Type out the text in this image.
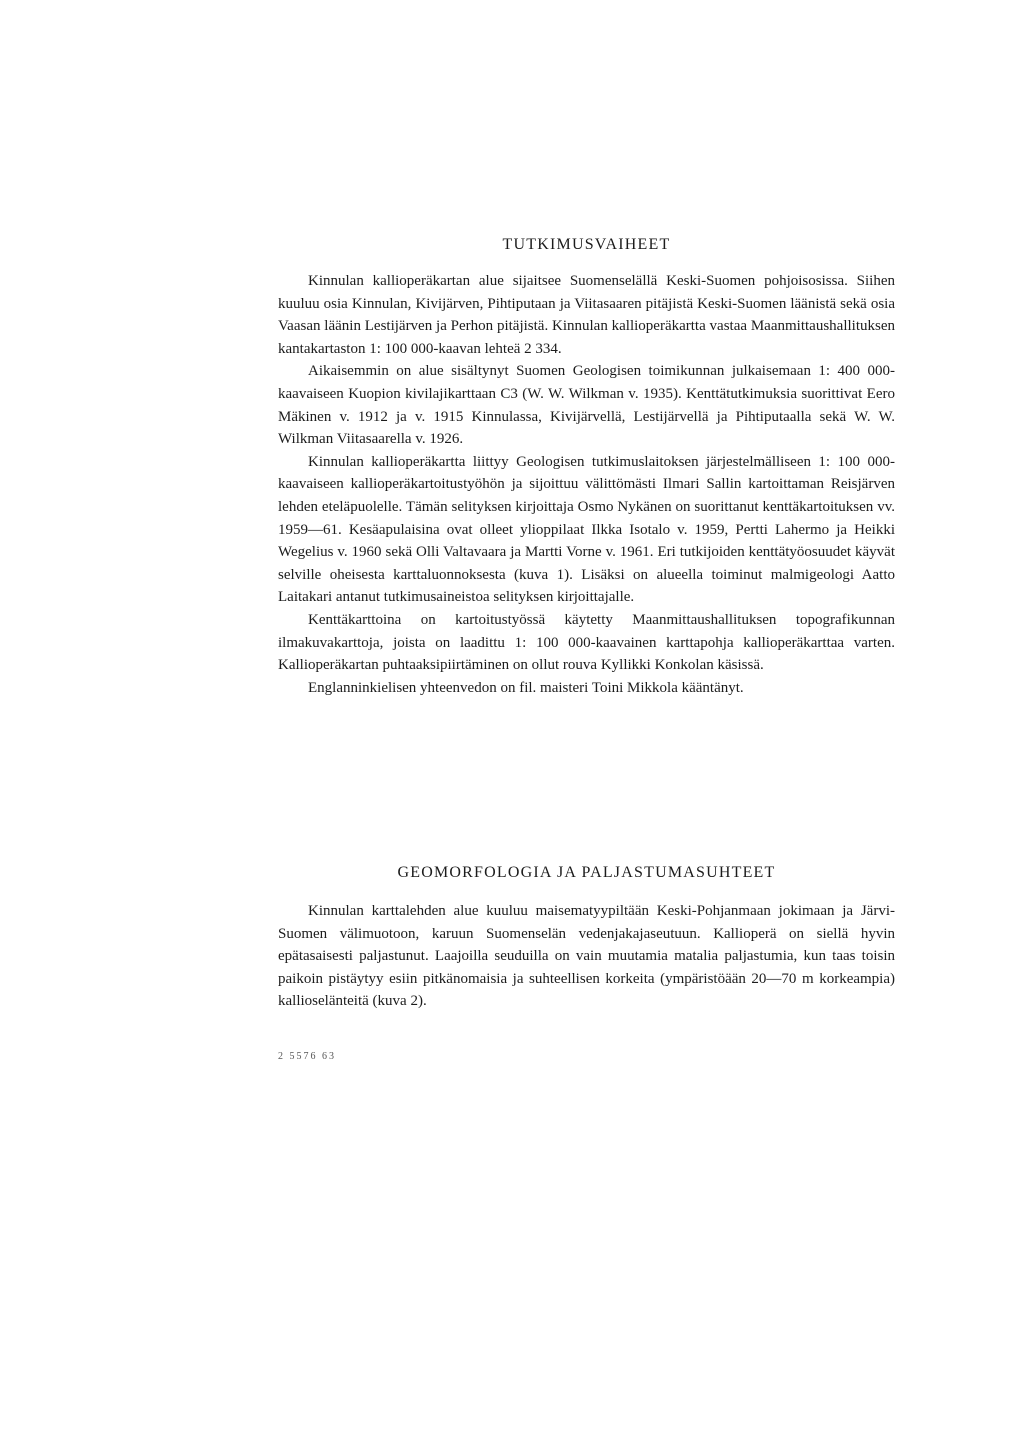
TUTKIMUSVAIHEET

Kinnulan kallioperäkartan alue sijaitsee Suomenselällä Keski-Suomen pohjoisosissa. Siihen kuuluu osia Kinnulan, Kivijärven, Pihtiputaan ja Viitasaaren pitäjistä Keski-Suomen läänistä sekä osia Vaasan läänin Lestijärven ja Perhon pitäjistä. Kinnulan kallioperäkartta vastaa Maanmittaushallituksen kantakartaston 1: 100 000-kaavan lehteä 2 334.

Aikaisemmin on alue sisältynyt Suomen Geologisen toimikunnan julkaisemaan 1: 400 000-kaavaiseen Kuopion kivilajikarttaan C3 (W. W. Wilkman v. 1935). Kenttätutkimuksia suorittivat Eero Mäkinen v. 1912 ja v. 1915 Kinnulassa, Kivijärvellä, Lestijärvellä ja Pihtiputaalla sekä W. W. Wilkman Viitasaarella v. 1926.

Kinnulan kallioperäkartta liittyy Geologisen tutkimuslaitoksen järjestelmälliseen 1: 100 000-kaavaiseen kallioperäkartoitustyöhön ja sijoittuu välittömästi Ilmari Sallin kartoittaman Reisjärven lehden eteläpuolelle. Tämän selityksen kirjoittaja Osmo Nykänen on suorittanut kenttäkartoituksen vv. 1959—61. Kesäapulaisina ovat olleet ylioppilaat Ilkka Isotalo v. 1959, Pertti Lahermo ja Heikki Wegelius v. 1960 sekä Olli Valtavaara ja Martti Vorne v. 1961. Eri tutkijoiden kenttätyöosuudet käyvät selville oheisesta karttaluonnoksesta (kuva 1). Lisäksi on alueella toiminut malmigeologi Aatto Laitakari antanut tutkimusaineistoa selityksen kirjoittajalle.

Kenttäkarttoina on kartoitustyössä käytetty Maanmittaushallituksen topografikunnan ilmakuvakarttoja, joista on laadittu 1: 100 000-kaavainen karttapohja kallioperäkarttaa varten. Kallioperäkartan puhtaaksipiirtäminen on ollut rouva Kyllikki Konkolan käsissä.

Englanninkielisen yhteenvedon on fil. maisteri Toini Mikkola kääntänyt.

GEOMORFOLOGIA JA PALJASTUMASUHTEET

Kinnulan karttalehden alue kuuluu maisematyypiltään Keski-Pohjanmaan jokimaan ja Järvi-Suomen välimuotoon, karuun Suomenselän vedenjakajaseutuun. Kallioperä on siellä hyvin epätasaisesti paljastunut. Laajoilla seuduilla on vain muutamia matalia paljastumia, kun taas toisin paikoin pistäytyy esiin pitkänomaisia ja suhteellisen korkeita (ympäristöään 20—70 m korkeampia) kallioselänteitä (kuva 2).

2 5576 63
